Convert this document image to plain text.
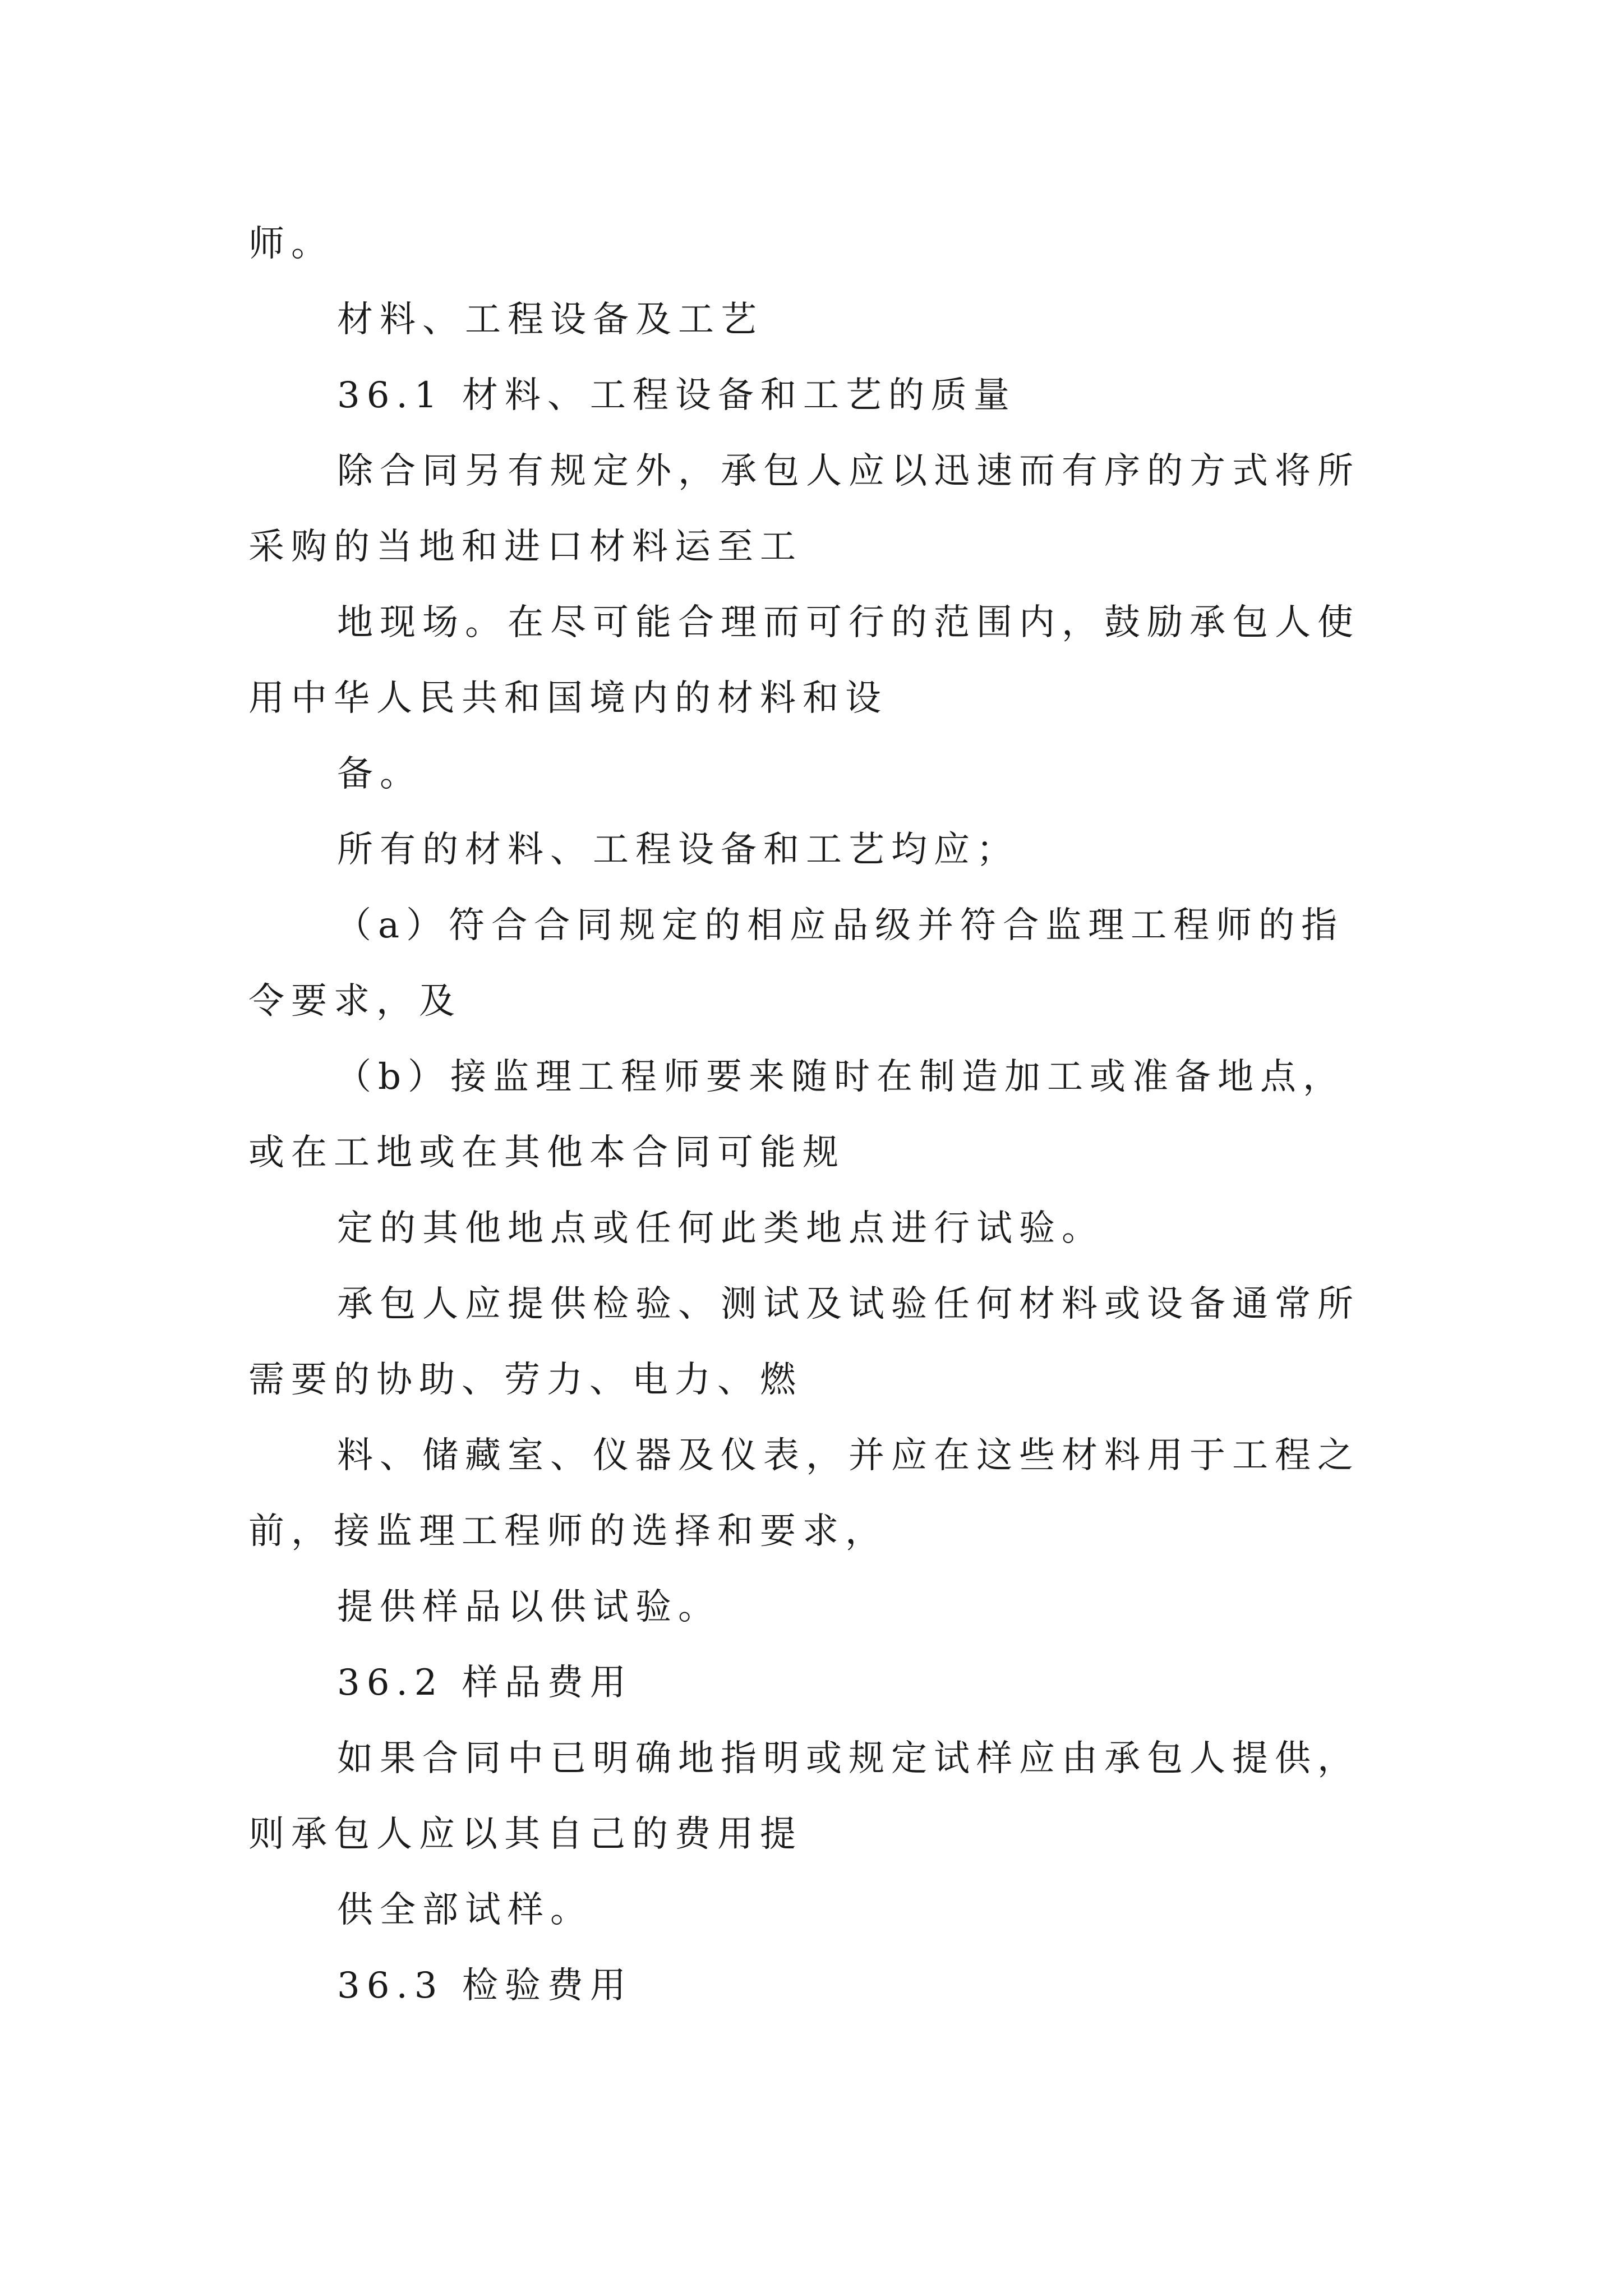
师。

材料、工程设备及工艺

36.1 材料、工程设备和工艺的质量

除合同另有规定外，承包人应以迅速而有序的方式将所

采购的当地和进口材料运至工

地现场。在尽可能合理而可行的范围内，鼓励承包人使

用中华人民共和国境内的材料和设

备。

所有的材料、工程设备和工艺均应；

（a）符合合同规定的相应品级并符合监理工程师的指

令要求，及

（b）接监理工程师要来随时在制造加工或准备地点，

或在工地或在其他本合同可能规

定的其他地点或任何此类地点进行试验。

承包人应提供检验、测试及试验任何材料或设备通常所

需要的协助、劳力、电力、燃

料、储藏室、仪器及仪表，并应在这些材料用于工程之

前，接监理工程师的选择和要求，

提供样品以供试验。

36.2 样品费用

如果合同中已明确地指明或规定试样应由承包人提供，

则承包人应以其自己的费用提

供全部试样。

36.3 检验费用
